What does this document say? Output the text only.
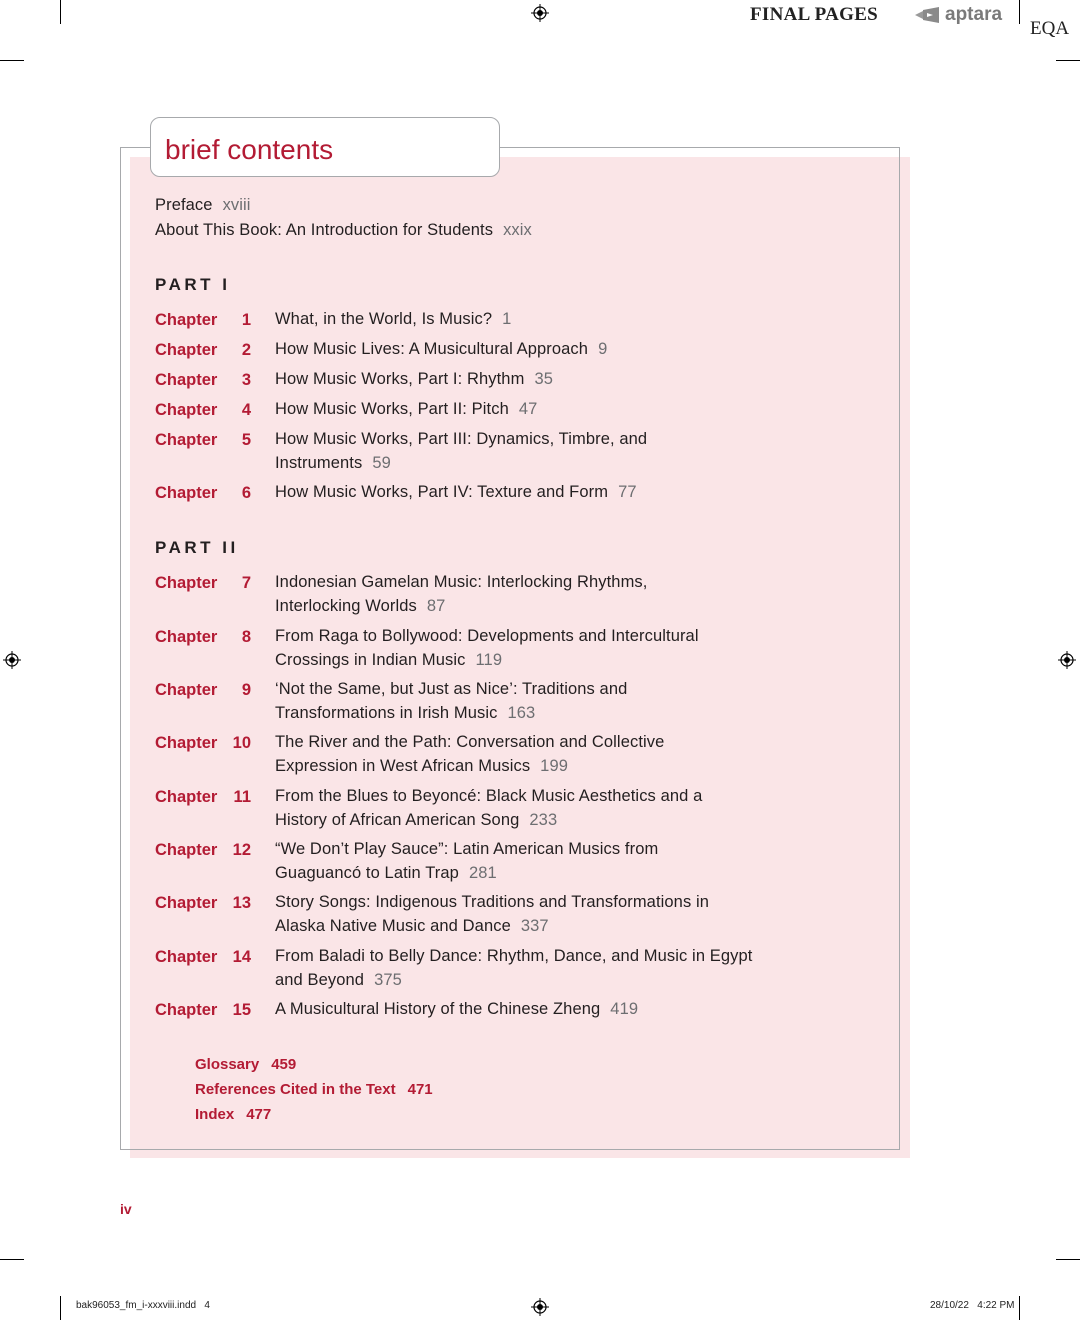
FINAL PAGES	aptara
EQA
brief contents
Preface xviii
About This Book: An Introduction for Students xxix
PART I
Chapter 1 What, in the World, Is Music? 1
Chapter 2 How Music Lives: A Musicultural Approach 9
Chapter 3 How Music Works, Part I: Rhythm 35
Chapter 4 How Music Works, Part II: Pitch 47
Chapter 5 How Music Works, Part III: Dynamics, Timbre, and Instruments 59
Chapter 6 How Music Works, Part IV: Texture and Form 77
PART II
Chapter 7 Indonesian Gamelan Music: Interlocking Rhythms, Interlocking Worlds 87
Chapter 8 From Raga to Bollywood: Developments and Intercultural Crossings in Indian Music 119
Chapter 9 ‘Not the Same, but Just as Nice’: Traditions and Transformations in Irish Music 163
Chapter 10 The River and the Path: Conversation and Collective Expression in West African Musics 199
Chapter 11 From the Blues to Beyoncé: Black Music Aesthetics and a History of African American Song 233
Chapter 12 “We Don’t Play Sauce”: Latin American Musics from Guaguancó to Latin Trap 281
Chapter 13 Story Songs: Indigenous Traditions and Transformations in Alaska Native Music and Dance 337
Chapter 14 From Baladi to Belly Dance: Rhythm, Dance, and Music in Egypt and Beyond 375
Chapter 15 A Musicultural History of the Chinese Zheng 419
Glossary 459
References Cited in the Text 471
Index 477
iv
bak96053_fm_i-xxxviii.indd   4	28/10/22   4:22 PM
